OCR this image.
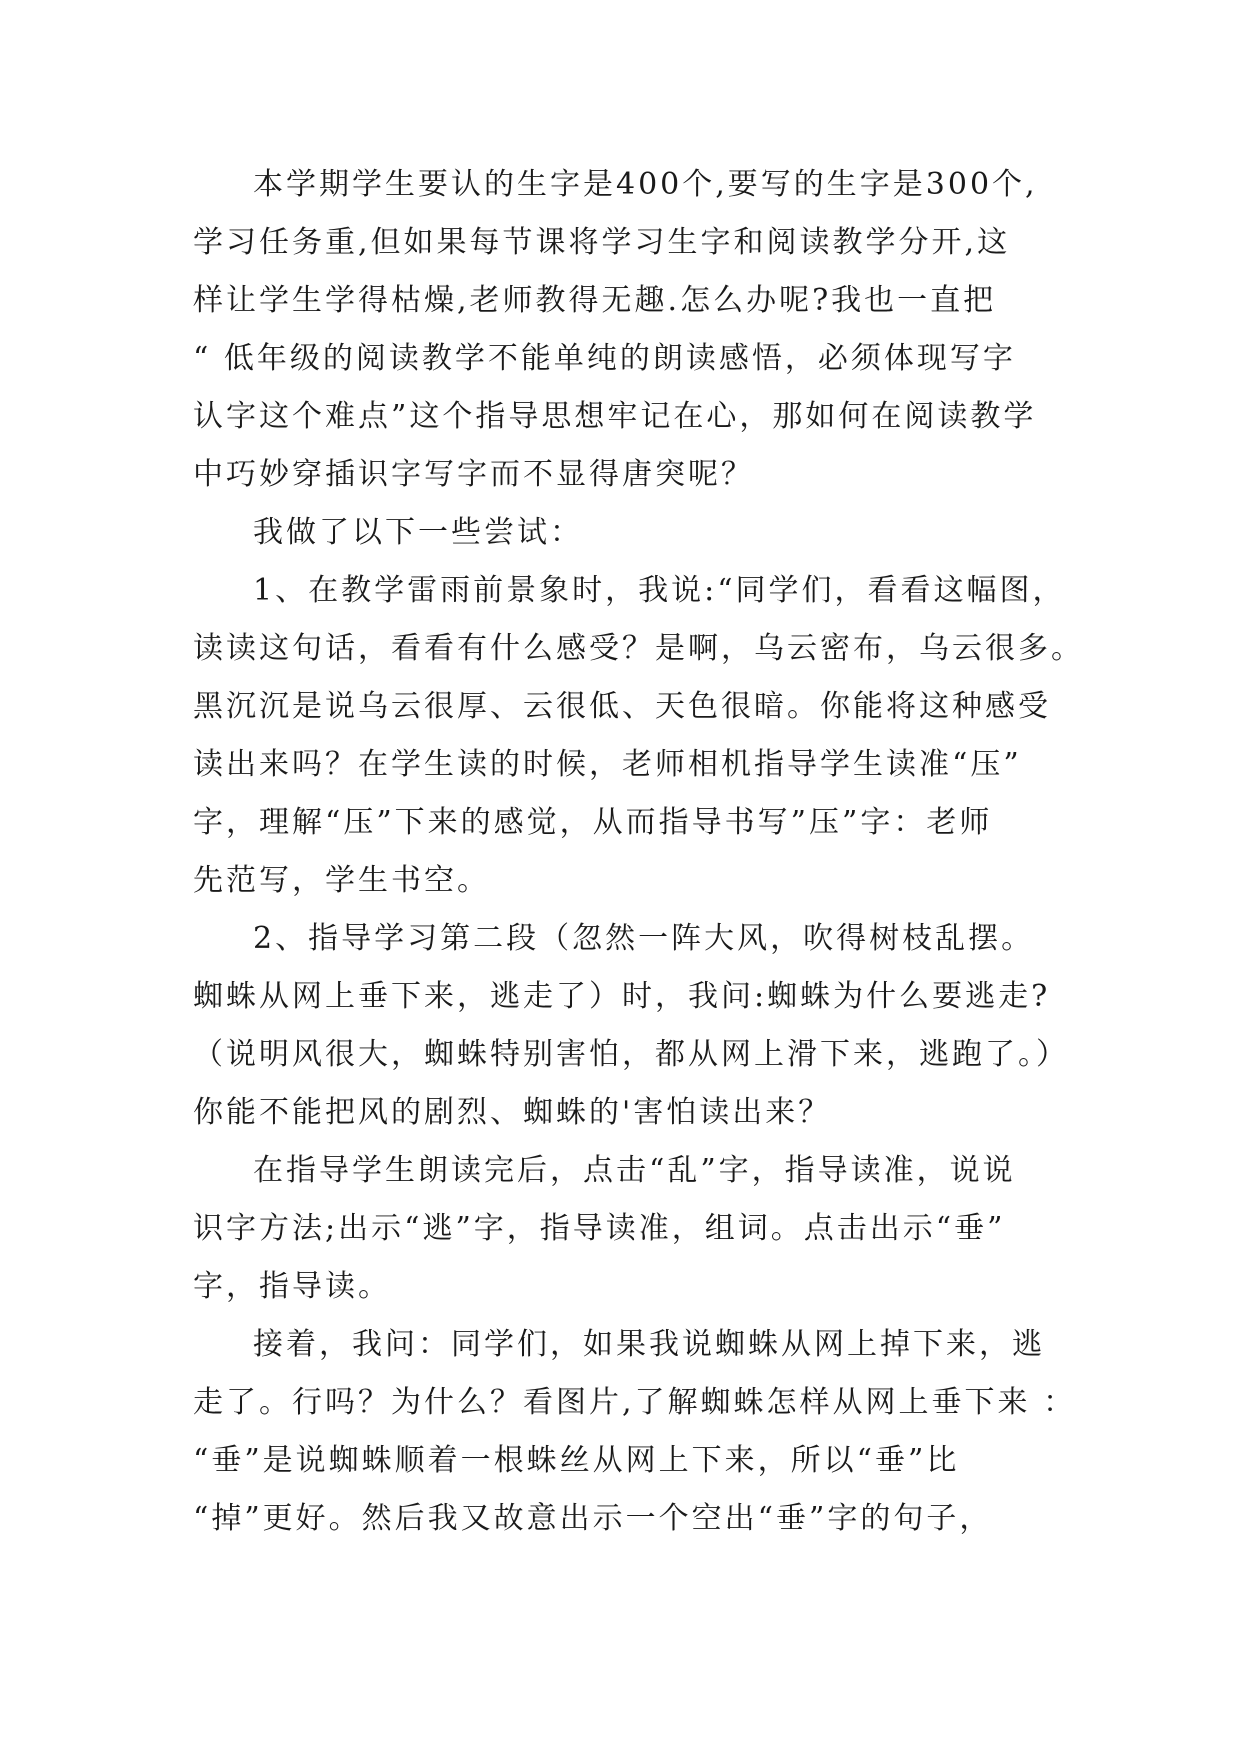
本学期学生要认的生字是400个,要写的生字是300个,
学习任务重,但如果每节课将学习生字和阅读教学分开,这
样让学生学得枯燥,老师教得无趣.怎么办呢?我也一直把
“ 低年级的阅读教学不能单纯的朗读感悟，必须体现写字
认字这个难点”这个指导思想牢记在心，那如何在阅读教学
中巧妙穿插识字写字而不显得唐突呢？
我做了以下一些尝试：
1、在教学雷雨前景象时，我说:“同学们，看看这幅图，
读读这句话，看看有什么感受？是啊，乌云密布，乌云很多。
黑沉沉是说乌云很厚、云很低、天色很暗。你能将这种感受
读出来吗？在学生读的时候，老师相机指导学生读准“压”
字，理解“压”下来的感觉，从而指导书写”压”字：老师
先范写，学生书空。
2、指导学习第二段（忽然一阵大风，吹得树枝乱摆。
蜘蛛从网上垂下来，逃走了）时，我问:蜘蛛为什么要逃走?
（说明风很大，蜘蛛特别害怕，都从网上滑下来，逃跑了。）
你能不能把风的剧烈、蜘蛛的'害怕读出来？
在指导学生朗读完后，点击“乱”字，指导读准，说说
识字方法;出示“逃”字，指导读准，组词。点击出示“垂”
字，指导读。
接着，我问：同学们，如果我说蜘蛛从网上掉下来，逃
走了。行吗？为什么？看图片,了解蜘蛛怎样从网上垂下来 ：
“垂”是说蜘蛛顺着一根蛛丝从网上下来，所以“垂”比
“掉”更好。然后我又故意出示一个空出“垂”字的句子，
